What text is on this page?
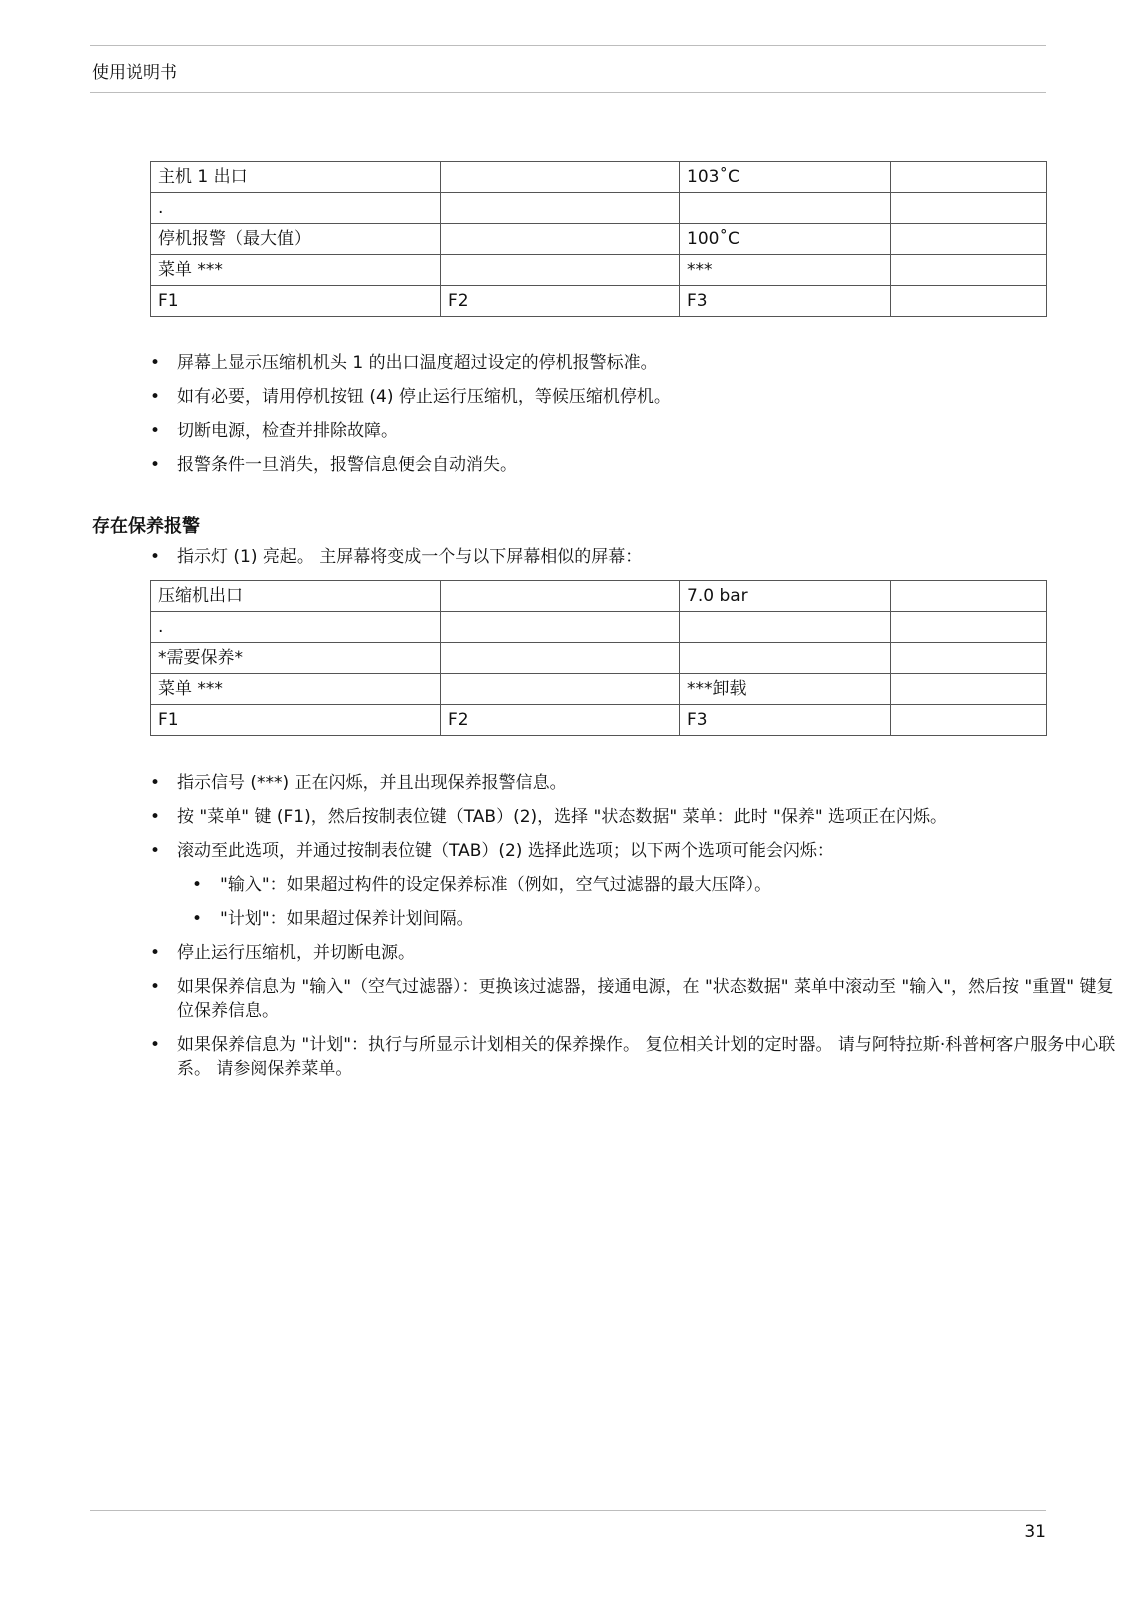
使用说明书
主机 1 出口		103˚C	
.			
停机报警（最大值）		100˚C	
菜单 ***		***	
F1	F2	F3	
• 屏幕上显示压缩机机头 1 的出口温度超过设定的停机报警标准。
• 如有必要，请用停机按钮 (4) 停止运行压缩机，等候压缩机停机。
• 切断电源，检查并排除故障。
• 报警条件一旦消失，报警信息便会自动消失。
存在保养报警
• 指示灯 (1) 亮起。 主屏幕将变成一个与以下屏幕相似的屏幕：
压缩机出口		7.0 bar	
.			
*需要保养*			
菜单 ***		***卸载	
F1	F2	F3	
• 指示信号 (***) 正在闪烁，并且出现保养报警信息。
• 按 "菜单" 键 (F1)，然后按制表位键（TAB）(2)，选择 "状态数据" 菜单：此时 "保养" 选项正在闪烁。
• 滚动至此选项，并通过按制表位键（TAB）(2) 选择此选项；以下两个选项可能会闪烁：
• "输入"：如果超过构件的设定保养标准（例如，空气过滤器的最大压降）。
• "计划"：如果超过保养计划间隔。
• 停止运行压缩机，并切断电源。
• 如果保养信息为 "输入"（空气过滤器）：更换该过滤器，接通电源，在 "状态数据" 菜单中滚动至 "输入"，然后按 "重置" 键复位保养信息。
• 如果保养信息为 "计划"：执行与所显示计划相关的保养操作。 复位相关计划的定时器。 请与阿特拉斯·科普柯客户服务中心联系。 请参阅保养菜单。
31
